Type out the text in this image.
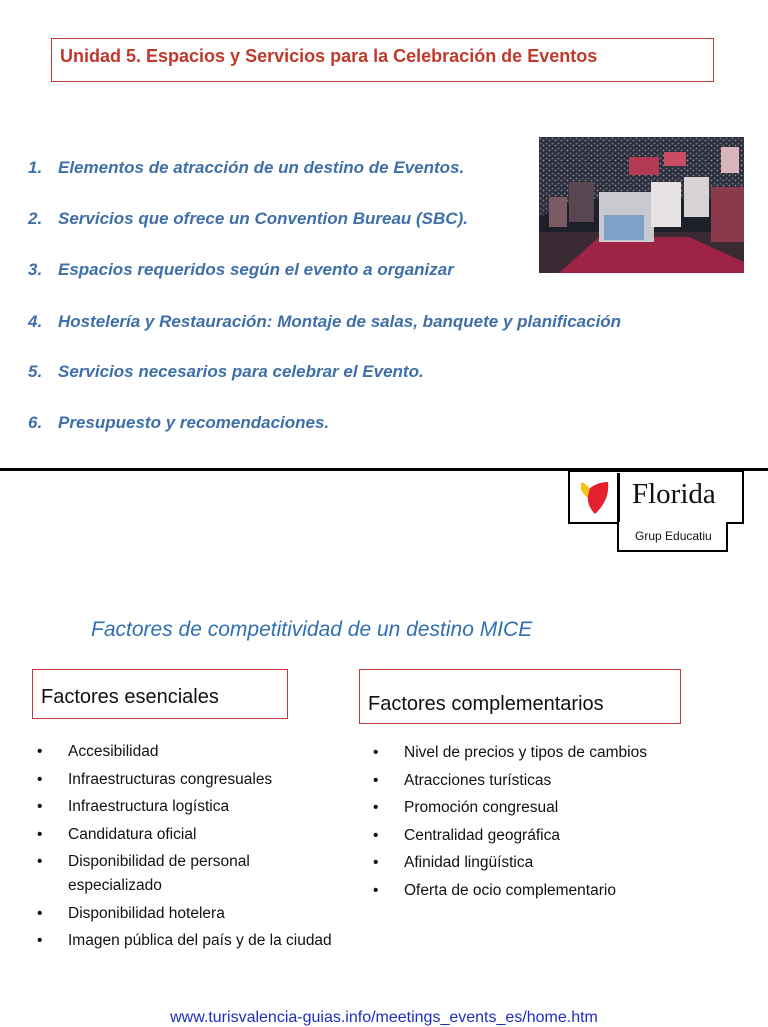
Unidad 5. Espacios y Servicios para la Celebración de Eventos
1. Elementos de atracción de un destino de Eventos.
2. Servicios que ofrece un Convention Bureau (SBC).
3. Espacios requeridos según el evento a organizar
4. Hostelería y Restauración: Montaje de salas, banquete y planificación
5. Servicios necesarios para celebrar el Evento.
6. Presupuesto y recomendaciones.
Florida
Grup Educatiu
Factores de competitividad de un destino MICE
Factores esenciales	Factores complementarios
• Accesibilidad
• Infraestructuras congresuales
• Infraestructura logística
• Candidatura oficial
• Disponibilidad de personal especializado
• Disponibilidad hotelera
• Imagen pública del país y de la ciudad
• Nivel de precios y tipos de cambios
• Atracciones turísticas
• Promoción congresual
• Centralidad geográfica
• Afinidad lingüística
• Oferta de ocio complementario
www.turisvalencia-guias.info/meetings_events_es/home.htm
